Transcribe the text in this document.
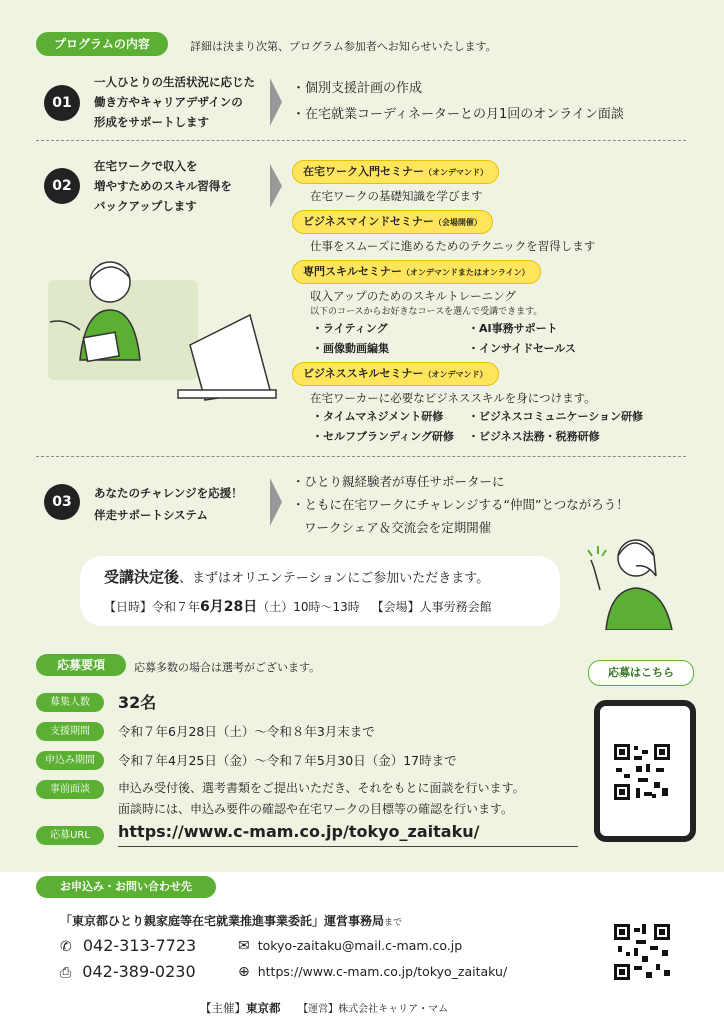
プログラムの内容	詳細は決まり次第、プログラム参加者へお知らせいたします。
01
一人ひとりの生活状況に応じた
働き方やキャリアデザインの
形成をサポートします
・個別支援計画の作成
・在宅就業コーディネーターとの月1回のオンライン面談
02
在宅ワークで収入を
増やすためのスキル習得を
バックアップします
在宅ワーク入門セミナー（オンデマンド）
在宅ワークの基礎知識を学びます
ビジネスマインドセミナー（会場開催）
仕事をスムーズに進めるためのテクニックを習得します
専門スキルセミナー（オンデマンドまたはオンライン）
収入アップのためのスキルトレーニング
以下のコースからお好きなコースを選んで受講できます。
・ライティング	・AI事務サポート
・画像動画編集	・インサイドセールス
ビジネススキルセミナー（オンデマンド）
在宅ワーカーに必要なビジネススキルを身につけます。
・タイムマネジメント研修 ・ビジネスコミュニケーション研修
・セルフブランディング研修 ・ビジネス法務・税務研修
03
あなたのチャレンジを応援！
伴走サポートシステム
・ひとり親経験者が専任サポーターに
・ともに在宅ワークにチャレンジする“仲間”とつながろう！
ワークシェア＆交流会を定期開催
受講決定後、まずはオリエンテーションにご参加いただきます。
【日時】令和７年6月28日（土）10時～13時 【会場】人事労務会館
応募要項	応募多数の場合は選考がございます。
募集人数	32名
支援期間	令和７年6月28日（土）～令和８年3月末まで
申込み期間	令和７年4月25日（金）～令和７年5月30日（金）17時まで
事前面談	申込み受付後、選考書類をご提出いただき、それをもとに面談を行います。
面談時には、申込み要件の確認や在宅ワークの目標等の確認を行います。
応募URL	https://www.c-mam.co.jp/tokyo_zaitaku/
応募はこちら
お申込み・お問い合わせ先
「東京都ひとり親家庭等在宅就業推進事業委託」運営事務局まで
✆ 042-313-7723
⎙ 042-389-0230
✉ tokyo-zaitaku@mail.c-mam.co.jp
⊕ https://www.c-mam.co.jp/tokyo_zaitaku/
【主催】東京都 【運営】株式会社キャリア・マム
